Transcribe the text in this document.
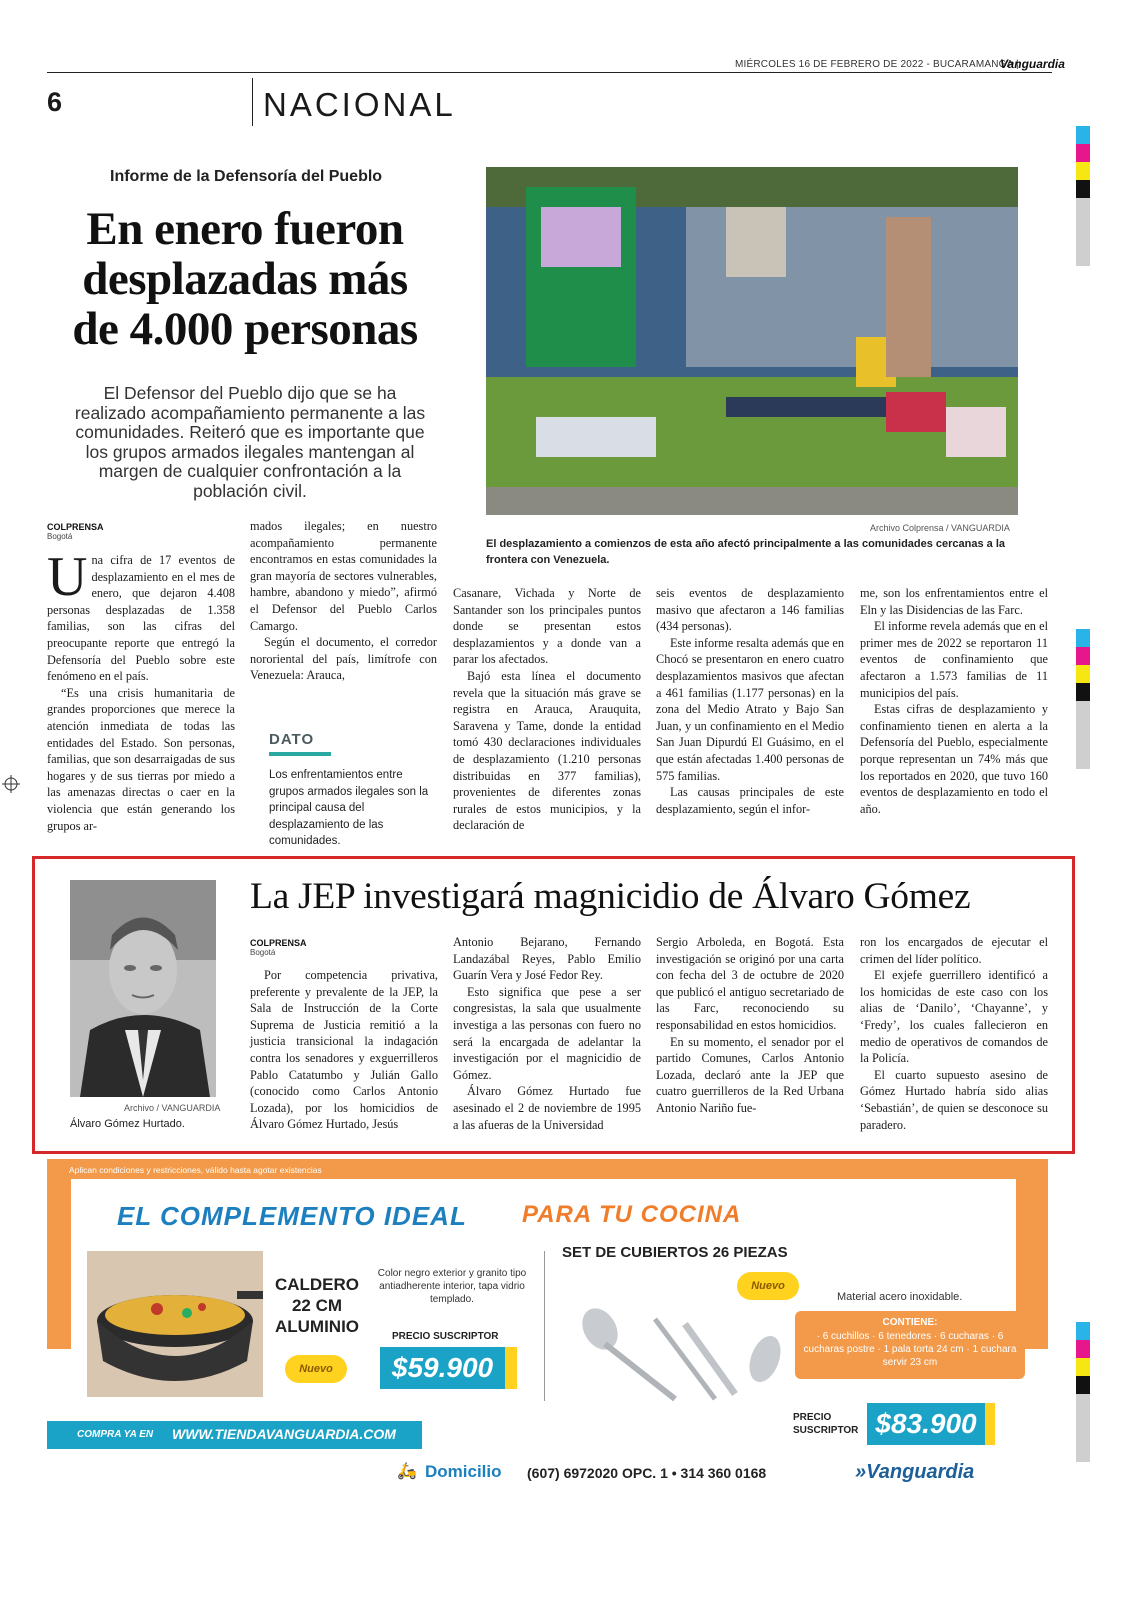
MIÉRCOLES 16 DE FEBRERO DE 2022 - BUCARAMANGA |
Vanguardia
6	NACIONAL
Informe de la Defensoría del Pueblo
En enero fueron desplazadas más de 4.000 personas
El Defensor del Pueblo dijo que se ha realizado acompañamiento permanente a las comunidades. Reiteró que es importante que los grupos armados ilegales mantengan al margen de cualquier confrontación a la población civil.
Archivo Colprensa / VANGUARDIA
El desplazamiento a comienzos de esta año afectó principalmente a las comunidades cercanas a la frontera con Venezuela.
COLPRENSA
Bogotá
U na cifra de 17 eventos de desplazamiento en el mes de enero, que dejaron 4.408 personas desplazadas de 1.358 familias, son las cifras del preocupante reporte que entregó la Defensoría del Pueblo sobre este fenómeno en el país.

“Es una crisis humanitaria de grandes proporciones que merece la atención inmediata de todas las entidades del Estado. Son personas, familias, que son desarraigadas de sus hogares y de sus tierras por miedo a las amenazas directas o caer en la violencia que están generando los grupos ar-

mados ilegales; en nuestro acompañamiento permanente encontramos en estas comunidades la gran mayoría de sectores vulnerables, hambre, abandono y miedo”, afirmó el Defensor del Pueblo Carlos Camargo.

Según el documento, el corredor nororiental del país, limítrofe con Venezuela: Arauca,

DATO
Los enfrentamientos entre grupos armados ilegales son la principal causa del desplazamiento de las comunidades.
Casanare, Vichada y Norte de Santander son los principales puntos donde se presentan estos desplazamientos y a donde van a parar los afectados.

Bajó esta línea el documento revela que la situación más grave se registra en Arauca, Arauquita, Saravena y Tame, donde la entidad tomó 430 declaraciones individuales de desplazamiento (1.210 personas distribuidas en 377 familias), provenientes de diferentes zonas rurales de estos municipios, y la declaración de

seis eventos de desplazamiento masivo que afectaron a 146 familias (434 personas).

Este informe resalta además que en Chocó se presentaron en enero cuatro desplazamientos masivos que afectan a 461 familias (1.177 personas) en la zona del Medio Atrato y Bajo San Juan, y un confinamiento en el Medio San Juan Dipurdú El Guásimo, en el que están afectadas 1.400 personas de 575 familias.

Las causas principales de este desplazamiento, según el infor-

me, son los enfrentamientos entre el Eln y las Disidencias de las Farc.

El informe revela además que en el primer mes de 2022 se reportaron 11 eventos de confinamiento que afectaron a 1.573 familias de 11 municipios del país.

Estas cifras de desplazamiento y confinamiento tienen en alerta a la Defensoría del Pueblo, especialmente porque representan un 74% más que los reportados en 2020, que tuvo 160 eventos de desplazamiento en todo el año.

Archivo / VANGUARDIA
Álvaro Gómez Hurtado.
La JEP investigará magnicidio de Álvaro Gómez
COLPRENSA
Bogotá

Por competencia privativa, preferente y prevalente de la JEP, la Sala de Instrucción de la Corte Suprema de Justicia remitió a la justicia transicional la indagación contra los senadores y exguerrilleros Pablo Catatumbo y Julián Gallo (conocido como Carlos Antonio Lozada), por los homicidios de Álvaro Gómez Hurtado, Jesús

Antonio Bejarano, Fernando Landazábal Reyes, Pablo Emilio Guarín Vera y José Fedor Rey.

Esto significa que pese a ser congresistas, la sala que usualmente investiga a las personas con fuero no será la encargada de adelantar la investigación por el magnicidio de Gómez.

Álvaro Gómez Hurtado fue asesinado el 2 de noviembre de 1995 a las afueras de la Universidad

Sergio Arboleda, en Bogotá. Esta investigación se originó por una carta con fecha del 3 de octubre de 2020 que publicó el antiguo secretariado de las Farc, reconociendo su responsabilidad en estos homicidios.

En su momento, el senador por el partido Comunes, Carlos Antonio Lozada, declaró ante la JEP que cuatro guerrilleros de la Red Urbana Antonio Nariño fue-

ron los encargados de ejecutar el crimen del líder político.

El exjefe guerrillero identificó a los homicidas de este caso con los alias de ‘Danilo’, ‘Chayanne’, y ‘Fredy’, los cuales fallecieron en medio de operativos de comandos de la Policía.

El cuarto supuesto asesino de Gómez Hurtado habría sido alias ‘Sebastián’, de quien se desconoce su paradero.

Aplican condiciones y restricciones, válido hasta agotar existencias
EL COMPLEMENTO IDEAL PARA TU COCINA	Tienda
Vanguardia
CALDERO 22 CM ALUMINIO
Color negro exterior y granito tipo antiadherente interior, tapa vidrio templado.
PRECIO SUSCRIPTOR
$59.900
Nuevo
SET DE CUBIERTOS 26 PIEZAS
Nuevo
Material acero inoxidable.
CONTIENE:
· 6 cuchillos · 6 tenedores · 6 cucharas · 6 cucharas postre · 1 pala torta 24 cm · 1 cuchara servir 23 cm
PRECIO SUSCRIPTOR $83.900
COMPRA YA EN WWW.TIENDAVANGUARDIA.COM
🛵 Domicilio (607) 6972020 OPC. 1 • 314 360 0168	»Vanguardia
